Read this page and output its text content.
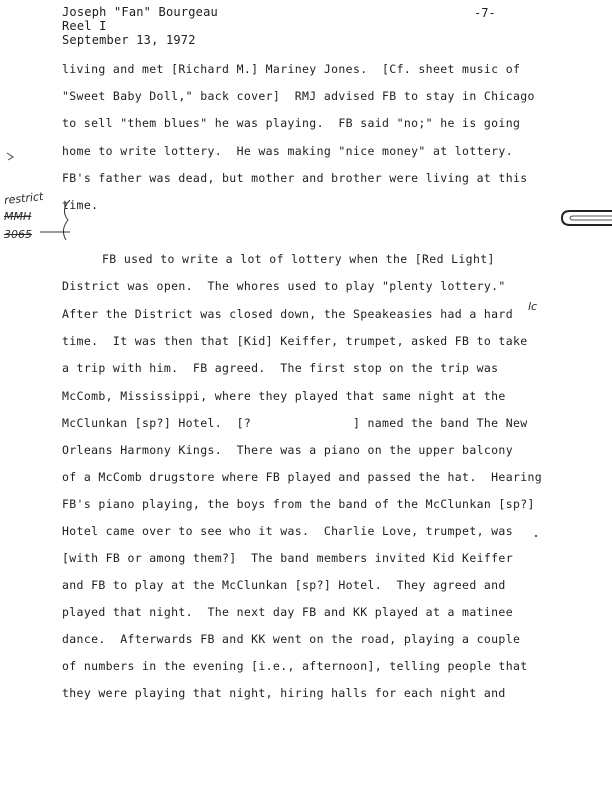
Joseph "Fan" Bourgeau
Reel I
September 13, 1972
-7-
living and met [Richard M.] Mariney Jones.  [Cf. sheet music of
"Sweet Baby Doll," back cover]  RMJ advised FB to stay in Chicago
to sell "them blues" he was playing.  FB said "no;" he is going
home to write lottery.  He was making "nice money" at lottery.
FB's father was dead, but mother and brother were living at this
time.
FB used to write a lot of lottery when the [Red Light]
District was open.  The whores used to play "plenty lottery."
After the District was closed down, the Speakeasies had a hard
time.  It was then that [Kid] Keiffer, trumpet, asked FB to take
a trip with him.  FB agreed.  The first stop on the trip was
McComb, Mississippi, where they played that same night at the
McClunkan [sp?] Hotel.  [?              ] named the band The New
Orleans Harmony Kings.  There was a piano on the upper balcony
of a McComb drugstore where FB played and passed the hat.  Hearing
FB's piano playing, the boys from the band of the McClunkan [sp?]
Hotel came over to see who it was.  Charlie Love, trumpet, was
[with FB or among them?]  The band members invited Kid Keiffer
and FB to play at the McClunkan [sp?] Hotel.  They agreed and
played that night.  The next day FB and KK played at a matinee
dance.  Afterwards FB and KK went on the road, playing a couple
of numbers in the evening [i.e., afternoon], telling people that
they were playing that night, hiring halls for each night and
restrict
MMH
3065
lc
